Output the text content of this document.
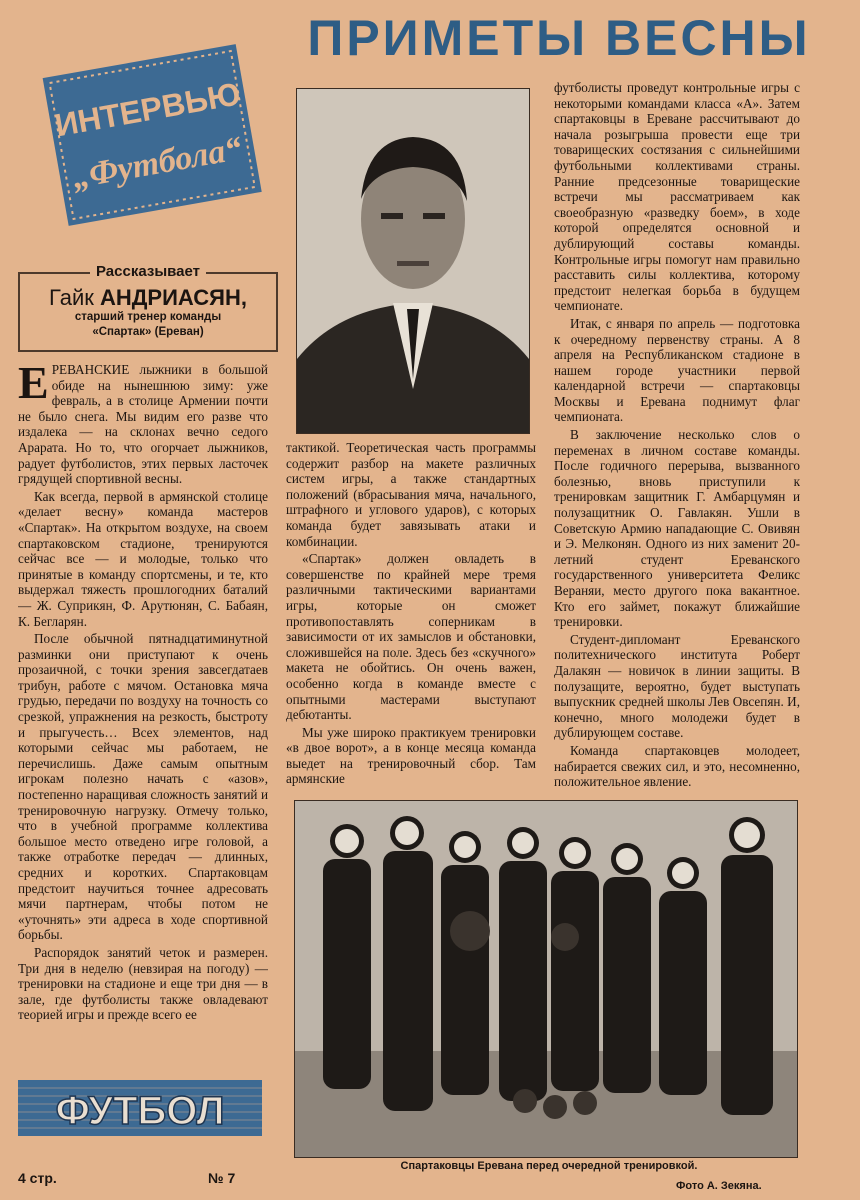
ПРИМЕТЫ ВЕСНЫ
ИНТЕРВЬЮ
„Футбола“
Рассказывает
Гайк АНДРИАСЯН,
старший тренер команды
«Спартак» (Ереван)

ЕРЕВАНСКИЕ лыжники в большой обиде на нынешнюю зиму: уже февраль, а в столице Армении почти не было снега. Мы видим его разве что издалека — на склонах вечно седого Арарата. Но то, что огорчает лыжников, радует футболистов, этих первых ласточек грядущей спортивной весны.

Как всегда, первой в армянской столице «делает весну» команда мастеров «Спартак». На открытом воздухе, на своем спартаковском стадионе, тренируются сейчас все — и молодые, только что принятые в команду спортсмены, и те, кто выдержал тяжесть прошлогодних баталий — Ж. Суприкян, Ф. Арутюнян, С. Бабаян, К. Бегларян.

После обычной пятнадцатиминутной разминки они приступают к очень прозаичной, с точки зрения завсегдатаев трибун, работе с мячом. Остановка мяча грудью, передачи по воздуху на точность со срезкой, упражнения на резкость, быстроту и прыгучесть… Всех элементов, над которыми сейчас мы работаем, не перечислишь. Даже самым опытным игрокам полезно начать с «азов», постепенно наращивая сложность занятий и тренировочную нагрузку. Отмечу только, что в учебной программе коллектива большое место отведено игре головой, а также отработке передач — длинных, средних и коротких. Спартаковцам предстоит научиться точнее адресовать мячи партнерам, чтобы потом не «уточнять» эти адреса в ходе спортивной борьбы.

Распорядок занятий четок и размерен. Три дня в неделю (невзирая на погоду) — тренировки на стадионе и еще три дня — в зале, где футболисты также овладевают теорией игры и прежде всего ее

тактикой. Теоретическая часть программы содержит разбор на макете различных систем игры, а также стандартных положений (вбрасывания мяча, начального, штрафного и углового ударов), с которых команда будет завязывать атаки и комбинации.

«Спартак» должен овладеть в совершенстве по крайней мере тремя различными тактическими вариантами игры, которые он сможет противопоставлять соперникам в зависимости от их замыслов и обстановки, сложившейся на поле. Здесь без «скучного» макета не обойтись. Он очень важен, особенно когда в команде вместе с опытными мастерами выступают дебютанты.

Мы уже широко практикуем тренировки «в двое ворот», а в конце месяца команда выедет на тренировочный сбор. Там армянские

футболисты проведут контрольные игры с некоторыми командами класса «А». Затем спартаковцы в Ереване рассчитывают до начала розыгрыша провести еще три товарищеских состязания с сильнейшими футбольными коллективами страны. Ранние предсезонные товарищеские встречи мы рассматриваем как своеобразную «разведку боем», в ходе которой определятся основной и дублирующий составы команды. Контрольные игры помогут нам правильно расставить силы коллектива, которому предстоит нелегкая борьба в будущем чемпионате.

Итак, с января по апрель — подготовка к очередному первенству страны. А 8 апреля на Республиканском стадионе в нашем городе участники первой календарной встречи — спартаковцы Москвы и Еревана поднимут флаг чемпионата.

В заключение несколько слов о переменах в личном составе команды. После годичного перерыва, вызванного болезнью, вновь приступили к тренировкам защитник Г. Амбарцумян и полузащитник О. Гавлакян. Ушли в Советскую Армию нападающие С. Овивян и Э. Мелконян. Одного из них заменит 20-летний студент Ереванского государственного университета Феликс Вераняи, место другого пока вакантное. Кто его займет, покажут ближайшие тренировки.

Студент-дипломант Ереванского политехнического института Роберт Далакян — новичок в линии защиты. В полузащите, вероятно, будет выступать выпускник средней школы Лев Овсепян. И, конечно, много молодежи будет в дублирующем составе.

Команда спартаковцев молодеет, набирается свежих сил, и это, несомненно, положительное явление.

Спартаковцы Еревана перед очередной тренировкой.
Фото А. Зекяна.
ФУТБОЛ
4 стр.	№ 7
